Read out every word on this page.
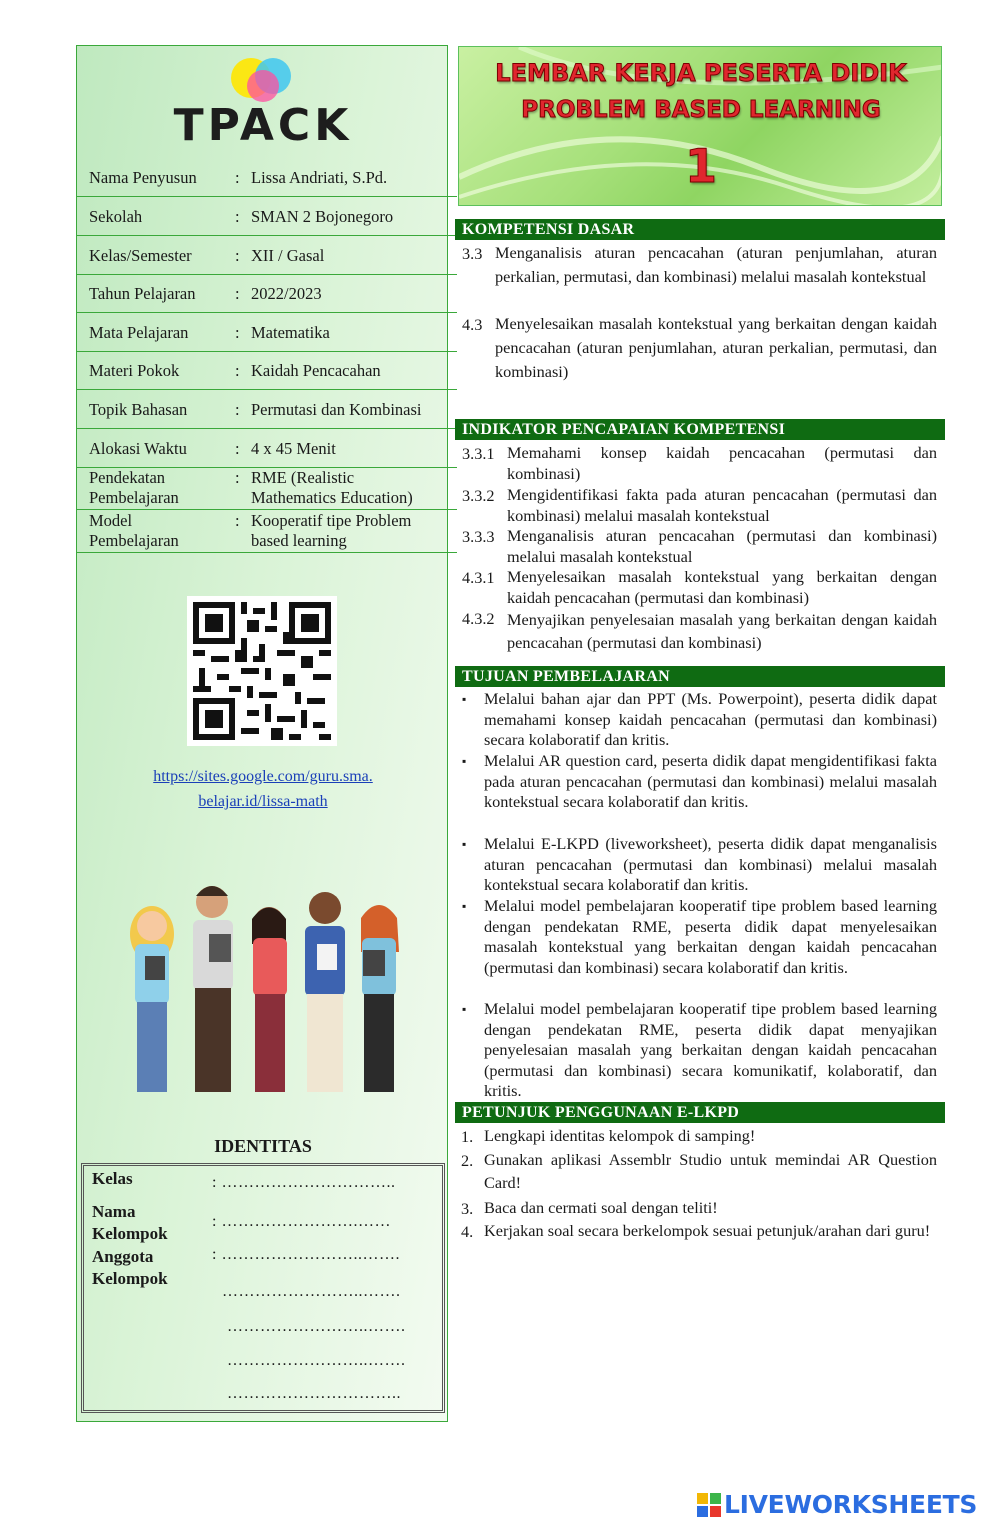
TPACK
Nama Penyusun : Lissa Andriati, S.Pd.
Sekolah	: SMAN 2 Bojonegoro
Kelas/Semester	: XII / Gasal
Tahun Pelajaran : 2022/2023
Mata Pelajaran	: Matematika
Materi Pokok	: Kaidah Pencacahan
Topik Bahasan	: Permutasi dan Kombinasi
Alokasi Waktu	: 4 x 45 Menit
Pendekatan
Pembelajaran
: RME (Realistic
Mathematics Education)
Model
Pembelajaran
: Kooperatif tipe Problem
based learning
https://sites.google.com/guru.sma.
belajar.id/lissa-math
IDENTITAS
Kelas	: …………………………..
Nama
Kelompok
: …………………….……
Anggota
Kelompok
: ……………………..…….
……………………..…….
……………………..…….
……………………..…….
…………………………..
LEMBAR KERJA PESERTA DIDIK
PROBLEM BASED LEARNING
1
KOMPETENSI DASAR
3.3 Menganalisis aturan pencacahan (aturan penjumlahan, aturan perkalian, permutasi, dan kombinasi) melalui masalah kontekstual
4.3 Menyelesaikan masalah kontekstual yang berkaitan dengan kaidah pencacahan (aturan penjumlahan, aturan perkalian, permutasi, dan kombinasi)
INDIKATOR PENCAPAIAN KOMPETENSI
3.3.1 Memahami konsep kaidah pencacahan (permutasi dan kombinasi)
3.3.2 Mengidentifikasi fakta pada aturan pencacahan (permutasi dan kombinasi) melalui masalah kontekstual
3.3.3 Menganalisis aturan pencacahan (permutasi dan kombinasi) melalui masalah kontekstual
4.3.1 Menyelesaikan masalah kontekstual yang berkaitan dengan kaidah pencacahan (permutasi dan kombinasi)
4.3.2 Menyajikan penyelesaian masalah yang berkaitan dengan kaidah pencacahan (permutasi dan kombinasi)
TUJUAN PEMBELAJARAN
▪ Melalui bahan ajar dan PPT (Ms. Powerpoint), peserta didik dapat memahami konsep kaidah pencacahan (permutasi dan kombinasi) secara kolaboratif dan kritis.
▪ Melalui AR question card, peserta didik dapat mengidentifikasi fakta pada aturan pencacahan (permutasi dan kombinasi) melalui masalah kontekstual secara kolaboratif dan kritis.
▪ Melalui E-LKPD (liveworksheet), peserta didik dapat menganalisis aturan pencacahan (permutasi dan kombinasi) melalui masalah kontekstual secara kolaboratif dan kritis.
▪ Melalui model pembelajaran kooperatif tipe problem based learning dengan pendekatan RME, peserta didik dapat menyelesaikan masalah kontekstual yang berkaitan dengan kaidah pencacahan (permutasi dan kombinasi) secara kolaboratif dan kritis.
▪ Melalui model pembelajaran kooperatif tipe problem based learning dengan pendekatan RME, peserta didik dapat menyajikan penyelesaian masalah yang berkaitan dengan kaidah pencacahan (permutasi dan kombinasi) secara komunikatif, kolaboratif, dan kritis.
PETUNJUK PENGGUNAAN E-LKPD
1. Lengkapi identitas kelompok di samping!
2. Gunakan aplikasi Assemblr Studio untuk memindai AR Question Card!
3. Baca dan cermati soal dengan teliti!
4. Kerjakan soal secara berkelompok sesuai petunjuk/arahan dari guru!
LIVEWORKSHEETS
